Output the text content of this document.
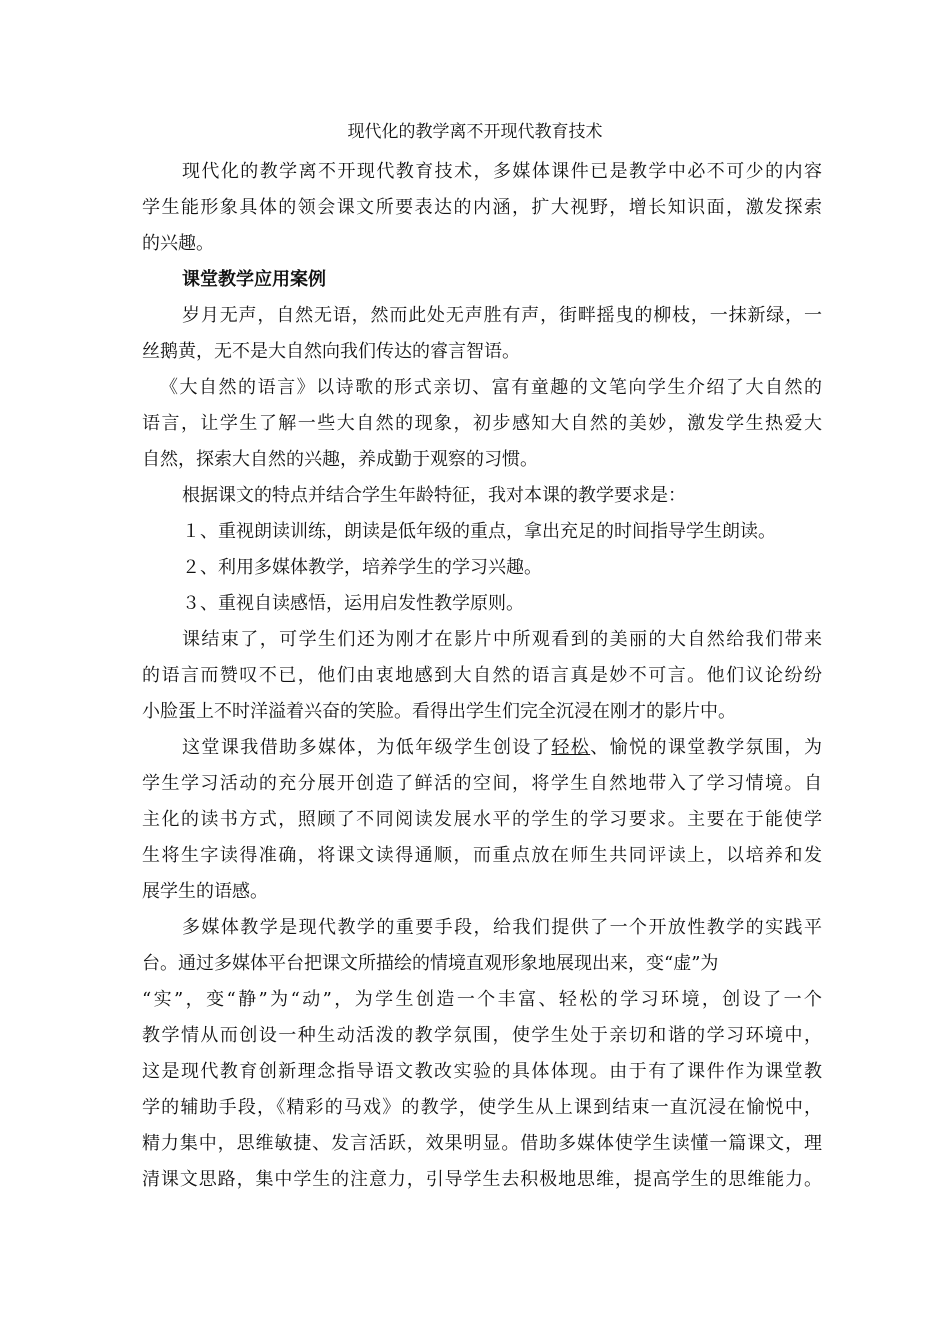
现代化的教学离不开现代教育技术
现代化的教学离不开现代教育技术，多媒体课件已是教学中必不可少的内容
学生能形象具体的领会课文所要表达的内涵，扩大视野，增长知识面，激发探索
的兴趣。
课堂教学应用案例
岁月无声，自然无语，然而此处无声胜有声，街畔摇曳的柳枝，一抹新绿，一
丝鹅黄，无不是大自然向我们传达的睿言智语。
《大自然的语言》以诗歌的形式亲切、富有童趣的文笔向学生介绍了大自然的
语言，让学生了解一些大自然的现象，初步感知大自然的美妙，激发学生热爱大
自然，探索大自然的兴趣，养成勤于观察的习惯。
根据课文的特点并结合学生年龄特征，我对本课的教学要求是：
１、重视朗读训练，朗读是低年级的重点，拿出充足的时间指导学生朗读。
２、利用多媒体教学，培养学生的学习兴趣。
３、重视自读感悟，运用启发性教学原则。
课结束了，可学生们还为刚才在影片中所观看到的美丽的大自然给我们带来
的语言而赞叹不已，他们由衷地感到大自然的语言真是妙不可言。他们议论纷纷
小脸蛋上不时洋溢着兴奋的笑脸。看得出学生们完全沉浸在刚才的影片中。
这堂课我借助多媒体，为低年级学生创设了轻松、愉悦的课堂教学氛围，为
学生学习活动的充分展开创造了鲜活的空间，将学生自然地带入了学习情境。自
主化的读书方式，照顾了不同阅读发展水平的学生的学习要求。主要在于能使学
生将生字读得准确，将课文读得通顺，而重点放在师生共同评读上，以培养和发
展学生的语感。
多媒体教学是现代教学的重要手段，给我们提供了一个开放性教学的实践平
台。通过多媒体平台把课文所描绘的情境直观形象地展现出来，变“虚”为
“实”，变“静”为“动”，为学生创造一个丰富、轻松的学习环境，创设了一个
教学情从而创设一种生动活泼的教学氛围，使学生处于亲切和谐的学习环境中，
这是现代教育创新理念指导语文教改实验的具体体现。由于有了课件作为课堂教
学的辅助手段，《精彩的马戏》的教学，使学生从上课到结束一直沉浸在愉悦中，
精力集中，思维敏捷、发言活跃，效果明显。借助多媒体使学生读懂一篇课文，理
清课文思路，集中学生的注意力，引导学生去积极地思维，提高学生的思维能力。
